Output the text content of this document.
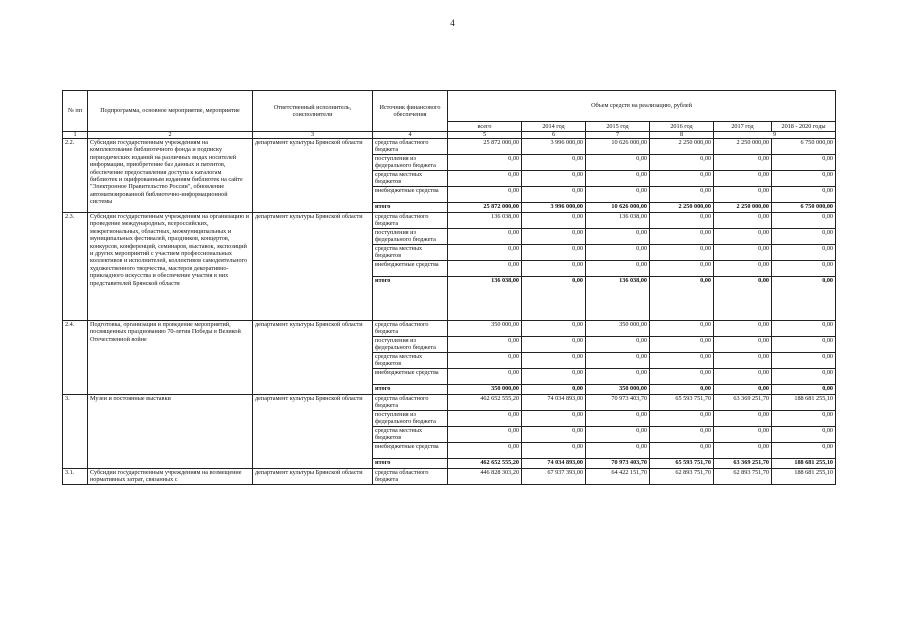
4
№ пп	Подпрограмма, основное мероприятие, мероприятие	Ответственный исполнитель, соисполнители	Источник финансового обеспечения	Объем средств на реализацию, рублей					
				всего	2014 год	2015 год	2016 год	2017 год	2018 - 2020 годы
1	2	3	4	5	6	7	8	9	
2.2.	Субсидии государственным учреждениям на комплектование библиотечного фонда и подписку периодических изданий на различных видах носителей информации, приобретение баз данных и патентов, обеспечение предоставления доступа к каталогам библиотек и оцифрованным изданиям библиотек на сайте "Электронное Правительство России", обновление автоматизированной библиотечно-информационной системы	департамент культуры Брянской области	средства областного бюджета	25 872 000,00	3 996 000,00	10 626 000,00	2 250 000,00	2 250 000,00	6 750 000,00
			поступления из федерального бюджета	0,00	0,00	0,00	0,00	0,00	0,00
			средства местных бюджетов	0,00	0,00	0,00	0,00	0,00	0,00
			внебюджетные средства	0,00	0,00	0,00	0,00	0,00	0,00
			итого	25 872 000,00	3 996 000,00	10 626 000,00	2 250 000,00	2 250 000,00	6 750 000,00
2.3.	Субсидии государственным учреждениям на организацию и проведение международных, всероссийских, межрегиональных, областных, межмуниципальных и муниципальных фестивалей, праздников, концертов, конкурсов, конференций, семинаров, выставок, экспозиций и других мероприятий с участием профессиональных коллективов и исполнителей, коллективов самодеятельного художественного творчества, мастеров декоративно-прикладного искусства и обеспечение участия в них представителей Брянской области	департамент культуры Брянской области	средства областного бюджета	136 038,00	0,00	136 038,00	0,00	0,00	0,00
			поступления из федерального бюджета	0,00	0,00	0,00	0,00	0,00	0,00
			средства местных бюджетов	0,00	0,00	0,00	0,00	0,00	0,00
			внебюджетные средства	0,00	0,00	0,00	0,00	0,00	0,00
			итого	136 038,00	0,00	136 038,00	0,00	0,00	0,00
2.4.	Подготовка, организация и проведение мероприятий, посвященных празднованию 70-летия Победы в Великой Отечественной войне	департамент культуры Брянской области	средства областного бюджета	350 000,00	0,00	350 000,00	0,00	0,00	0,00
			поступления из федерального бюджета	0,00	0,00	0,00	0,00	0,00	0,00
			средства местных бюджетов	0,00	0,00	0,00	0,00	0,00	0,00
			внебюджетные средства	0,00	0,00	0,00	0,00	0,00	0,00
			итого	350 000,00	0,00	350 000,00	0,00	0,00	0,00
3.	Музеи и постоянные выставки	департамент культуры Брянской области	средства областного бюджета	462 652 555,20	74 034 893,00	70 973 403,70	65 593 751,70	63 369 251,70	188 681 255,10
			поступления из федерального бюджета	0,00	0,00	0,00	0,00	0,00	0,00
			средства местных бюджетов	0,00	0,00	0,00	0,00	0,00	0,00
			внебюджетные средства	0,00	0,00	0,00	0,00	0,00	0,00
			итого	462 652 555,20	74 034 893,00	70 973 403,70	65 593 751,70	63 369 251,70	188 681 255,10
3.1.	Субсидии государственным учреждениям на возмещение нормативных затрат, связанных с	департамент культуры Брянской области	средства областного бюджета	446 828 303,20	67 937 393,00	64 422 151,70	62 893 751,70	62 893 751,70	188 681 255,10
